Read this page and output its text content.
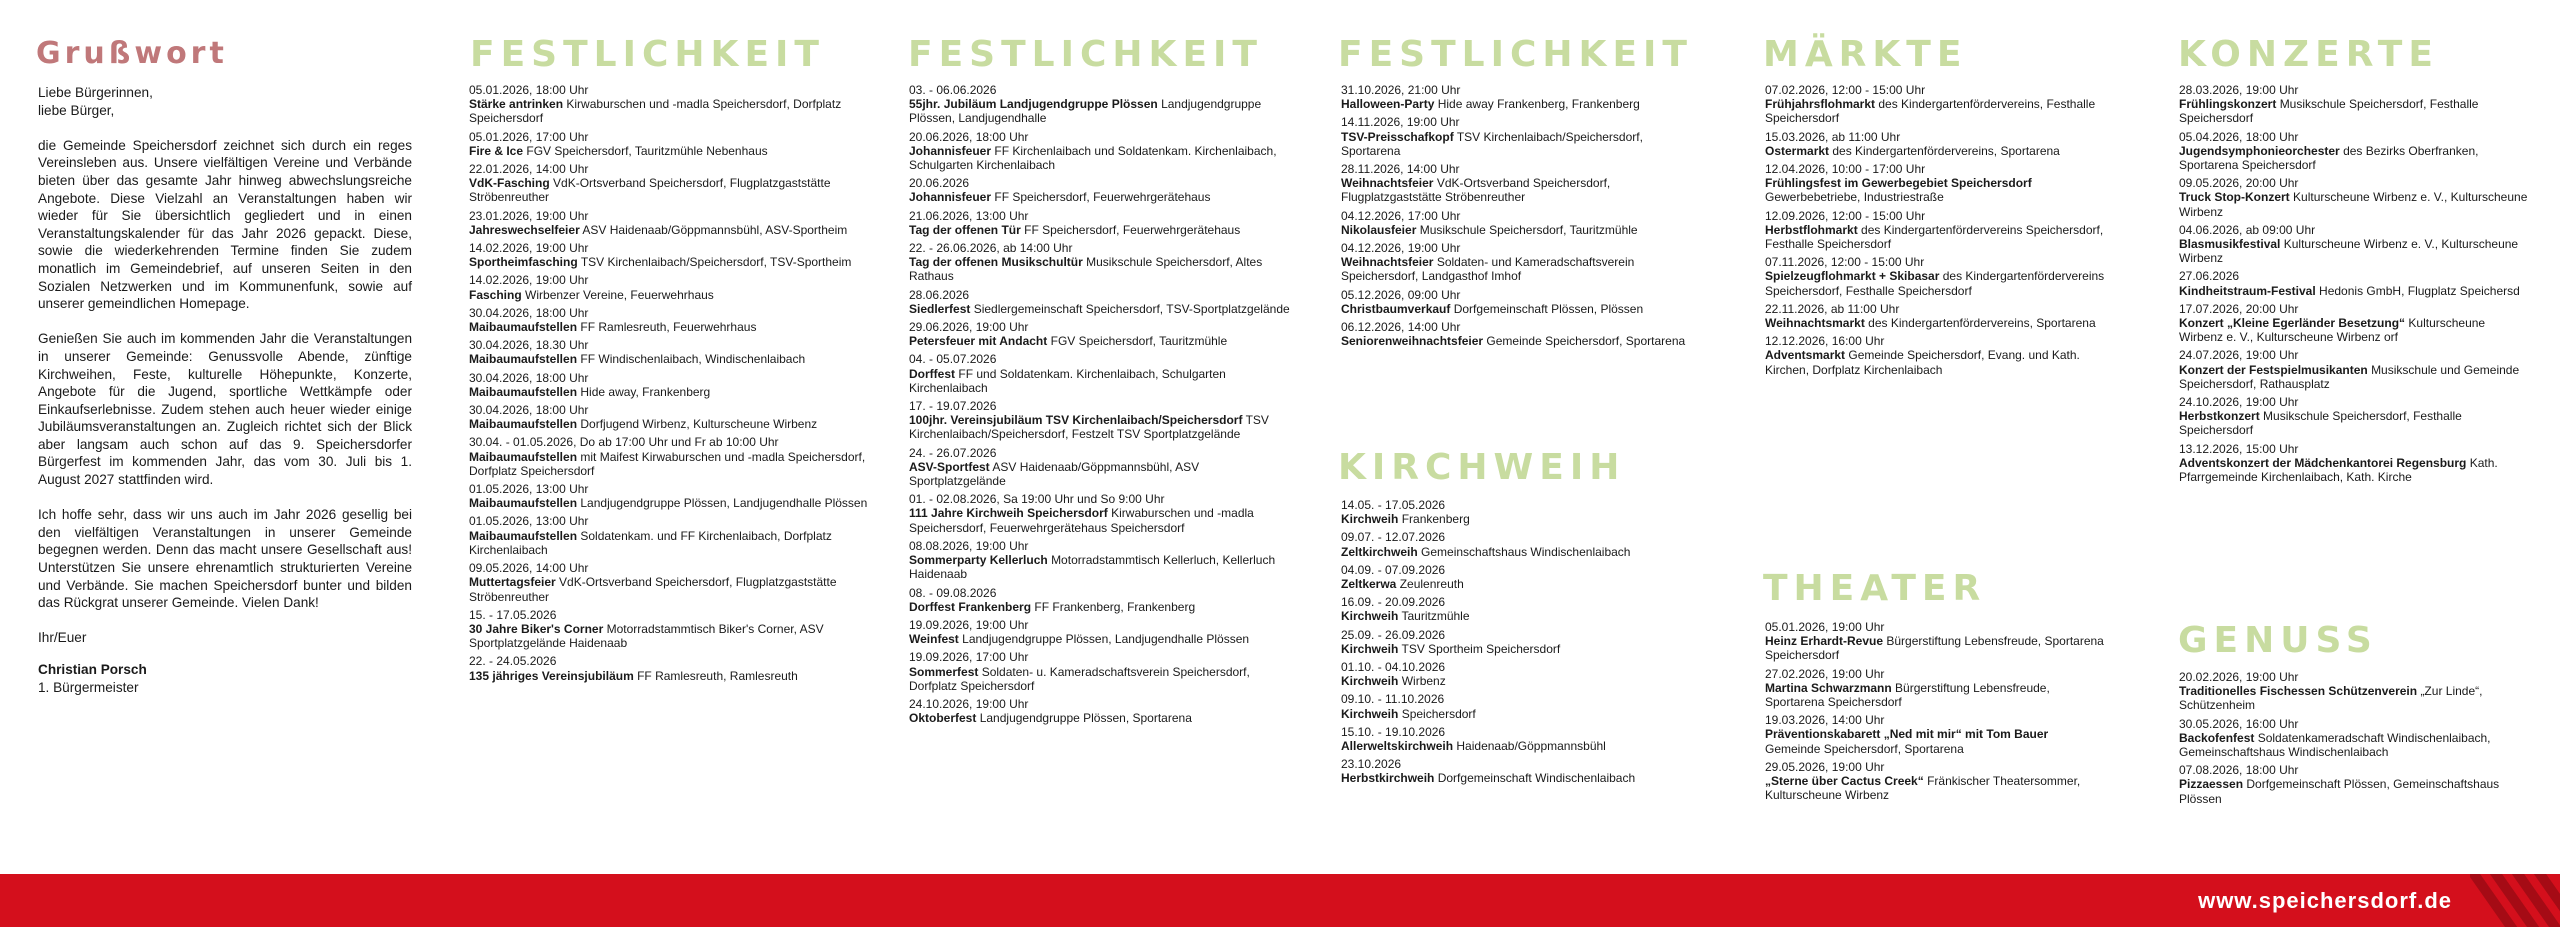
Grußwort

Liebe Bürgerinnen,

liebe Bürger,

die Gemeinde Speichersdorf zeichnet sich durch ein reges Vereinsleben aus. Unsere vielfältigen Vereine und Verbände bieten über das gesamte Jahr hinweg abwechslungsreiche Angebote. Diese Vielzahl an Veranstaltungen haben wir wieder für Sie übersichtlich gegliedert und in einen Veranstaltungskalender für das Jahr 2026 gepackt. Diese, sowie die wiederkehrenden Termine finden Sie zudem monatlich im Gemeindebrief, auf unseren Seiten in den Sozialen Netzwerken und im Kommunenfunk, sowie auf unserer gemeindlichen Homepage.

Genießen Sie auch im kommenden Jahr die Veranstaltungen in unserer Gemeinde: Genussvolle Abende, zünftige Kirchweihen, Feste, kulturelle Höhepunkte, Konzerte, Angebote für die Jugend, sportliche Wettkämpfe oder Einkaufserlebnisse. Zudem stehen auch heuer wieder einige Jubiläumsveranstaltungen an. Zugleich richtet sich der Blick aber langsam auch schon auf das 9. Speichersdorfer Bürgerfest im kommenden Jahr, das vom 30. Juli bis 1. August 2027 stattfinden wird.

Ich hoffe sehr, dass wir uns auch im Jahr 2026 gesellig bei den vielfältigen Veranstaltungen in unserer Gemeinde begegnen werden. Denn das macht unsere Gesellschaft aus! Unterstützen Sie unsere ehrenamtlich strukturierten Vereine und Verbände. Sie machen Speichersdorf bunter und bilden das Rückgrat unserer Gemeinde. Vielen Dank!

Ihr/Euer

Christian Porsch

1. Bürgermeister

FESTLICHKEIT FESTLICHKEIT FESTLICHKEIT
KIRCHWEIH
MÄRKTE
THEATER
KONZERTE
GENUSS
05.01.2026, 18:00 Uhr
Stärke antrinken Kirwaburschen und -madla Speichersdorf, Dorfplatz Speichersdorf
05.01.2026, 17:00 Uhr
Fire & Ice FGV Speichersdorf, Tauritzmühle Nebenhaus
22.01.2026, 14:00 Uhr
VdK-Fasching VdK-Ortsverband Speichersdorf, Flugplatzgaststätte Ströbenreuther
23.01.2026, 19:00 Uhr
Jahreswechselfeier ASV Haidenaab/Göppmannsbühl, ASV-Sportheim
14.02.2026, 19:00 Uhr
Sportheimfasching TSV Kirchenlaibach/Speichersdorf, TSV-Sportheim
14.02.2026, 19:00 Uhr
Fasching Wirbenzer Vereine, Feuerwehrhaus
30.04.2026, 18:00 Uhr
Maibaumaufstellen FF Ramlesreuth, Feuerwehrhaus
30.04.2026, 18.30 Uhr
Maibaumaufstellen FF Windischenlaibach, Windischenlaibach
30.04.2026, 18:00 Uhr
Maibaumaufstellen Hide away, Frankenberg
30.04.2026, 18:00 Uhr
Maibaumaufstellen Dorfjugend Wirbenz, Kulturscheune Wirbenz
30.04. - 01.05.2026, Do ab 17:00 Uhr und Fr ab 10:00 Uhr
Maibaumaufstellen mit Maifest Kirwaburschen und -madla Speichersdorf, Dorfplatz Speichersdorf
01.05.2026, 13:00 Uhr
Maibaumaufstellen Landjugendgruppe Plössen, Landjugendhalle Plössen
01.05.2026, 13:00 Uhr
Maibaumaufstellen Soldatenkam. und FF Kirchenlaibach, Dorfplatz Kirchenlaibach
09.05.2026, 14:00 Uhr
Muttertagsfeier VdK-Ortsverband Speichersdorf, Flugplatzgaststätte Ströbenreuther
15. - 17.05.2026
30 Jahre Biker's Corner Motorradstammtisch Biker's Corner, ASV Sportplatzgelände Haidenaab
22. - 24.05.2026
135 jähriges Vereinsjubiläum FF Ramlesreuth, Ramlesreuth
03. - 06.06.2026
55jhr. Jubiläum Landjugendgruppe Plössen Landjugendgruppe Plössen, Landjugendhalle
20.06.2026, 18:00 Uhr
Johannisfeuer FF Kirchenlaibach und Soldatenkam. Kirchenlaibach, Schulgarten Kirchenlaibach
20.06.2026
Johannisfeuer FF Speichersdorf, Feuerwehrgerätehaus
21.06.2026, 13:00 Uhr
Tag der offenen Tür FF Speichersdorf, Feuerwehrgerätehaus
22. - 26.06.2026, ab 14:00 Uhr
Tag der offenen Musikschultür Musikschule Speichersdorf, Altes Rathaus
28.06.2026
Siedlerfest Siedlergemeinschaft Speichersdorf, TSV-Sportplatzgelände
29.06.2026, 19:00 Uhr
Petersfeuer mit Andacht FGV Speichersdorf, Tauritzmühle
04. - 05.07.2026
Dorffest FF und Soldatenkam. Kirchenlaibach, Schulgarten Kirchenlaibach
17. - 19.07.2026
100jhr. Vereinsjubiläum TSV Kirchenlaibach/Speichersdorf TSV Kirchenlaibach/Speichersdorf, Festzelt TSV Sportplatzgelände
24. - 26.07.2026
ASV-Sportfest ASV Haidenaab/Göppmannsbühl, ASV Sportplatzgelände
01. - 02.08.2026, Sa 19:00 Uhr und So 9:00 Uhr
111 Jahre Kirchweih Speichersdorf Kirwaburschen und -madla Speichersdorf, Feuerwehrgerätehaus Speichersdorf
08.08.2026, 19:00 Uhr
Sommerparty Kellerluch Motorradstammtisch Kellerluch, Kellerluch Haidenaab
08. - 09.08.2026
Dorffest Frankenberg FF Frankenberg, Frankenberg
19.09.2026, 19:00 Uhr
Weinfest Landjugendgruppe Plössen, Landjugendhalle Plössen
19.09.2026, 17:00 Uhr
Sommerfest Soldaten- u. Kameradschaftsverein Speichersdorf, Dorfplatz Speichersdorf
24.10.2026, 19:00 Uhr
Oktoberfest Landjugendgruppe Plössen, Sportarena
31.10.2026, 21:00 Uhr
Halloween-Party Hide away Frankenberg, Frankenberg
14.11.2026, 19:00 Uhr
TSV-Preisschafkopf TSV Kirchenlaibach/Speichersdorf, Sportarena
28.11.2026, 14:00 Uhr
Weihnachtsfeier VdK-Ortsverband Speichersdorf, Flugplatzgaststätte Ströbenreuther
04.12.2026, 17:00 Uhr
Nikolausfeier Musikschule Speichersdorf, Tauritzmühle
04.12.2026, 19:00 Uhr
Weihnachtsfeier Soldaten- und Kameradschaftsverein Speichersdorf, Landgasthof Imhof
05.12.2026, 09:00 Uhr
Christbaumverkauf Dorfgemeinschaft Plössen, Plössen
06.12.2026, 14:00 Uhr
Seniorenweihnachtsfeier Gemeinde Speichersdorf, Sportarena
14.05. - 17.05.2026
Kirchweih Frankenberg
09.07. - 12.07.2026
Zeltkirchweih Gemeinschaftshaus Windischenlaibach
04.09. - 07.09.2026
Zeltkerwa Zeulenreuth
16.09. - 20.09.2026
Kirchweih Tauritzmühle
25.09. - 26.09.2026
Kirchweih TSV Sportheim Speichersdorf
01.10. - 04.10.2026
Kirchweih Wirbenz
09.10. - 11.10.2026
Kirchweih Speichersdorf
15.10. - 19.10.2026
Allerweltskirchweih Haidenaab/Göppmannsbühl
23.10.2026
Herbstkirchweih Dorfgemeinschaft Windischenlaibach
07.02.2026, 12:00 - 15:00 Uhr
Frühjahrsflohmarkt des Kindergartenfördervereins, Festhalle Speichersdorf
15.03.2026, ab 11:00 Uhr
Ostermarkt des Kindergartenfördervereins, Sportarena
12.04.2026, 10:00 - 17:00 Uhr
Frühlingsfest im Gewerbegebiet Speichersdorf Gewerbebetriebe, Industriestraße
12.09.2026, 12:00 - 15:00 Uhr
Herbstflohmarkt des Kindergartenfördervereins Speichersdorf, Festhalle Speichersdorf
07.11.2026, 12:00 - 15:00 Uhr
Spielzeugflohmarkt + Skibasar des Kindergartenfördervereins Speichersdorf, Festhalle Speichersdorf
22.11.2026, ab 11:00 Uhr
Weihnachtsmarkt des Kindergartenfördervereins, Sportarena
12.12.2026, 16:00 Uhr
Adventsmarkt Gemeinde Speichersdorf, Evang. und Kath. Kirchen, Dorfplatz Kirchenlaibach
05.01.2026, 19:00 Uhr
Heinz Erhardt-Revue Bürgerstiftung Lebensfreude, Sportarena Speichersdorf
27.02.2026, 19:00 Uhr
Martina Schwarzmann Bürgerstiftung Lebensfreude, Sportarena Speichersdorf
19.03.2026, 14:00 Uhr
Präventionskabarett „Ned mit mir“ mit Tom Bauer Gemeinde Speichersdorf, Sportarena
29.05.2026, 19:00 Uhr
„Sterne über Cactus Creek“ Fränkischer Theatersommer, Kulturscheune Wirbenz
28.03.2026, 19:00 Uhr
Frühlingskonzert Musikschule Speichersdorf, Festhalle Speichersdorf
05.04.2026, 18:00 Uhr
Jugendsymphonieorchester des Bezirks Oberfranken, Sportarena Speichersdorf
09.05.2026, 20:00 Uhr
Truck Stop-Konzert Kulturscheune Wirbenz e. V., Kulturscheune Wirbenz
04.06.2026, ab 09:00 Uhr
Blasmusikfestival Kulturscheune Wirbenz e. V., Kulturscheune Wirbenz
27.06.2026
Kindheitstraum-Festival Hedonis GmbH, Flugplatz Speichersd
17.07.2026, 20:00 Uhr
Konzert „Kleine Egerländer Besetzung“ Kulturscheune Wirbenz e. V., Kulturscheune Wirbenz orf
24.07.2026, 19:00 Uhr
Konzert der Festspielmusikanten Musikschule und Gemeinde Speichersdorf, Rathausplatz
24.10.2026, 19:00 Uhr
Herbstkonzert Musikschule Speichersdorf, Festhalle Speichersdorf
13.12.2026, 15:00 Uhr
Adventskonzert der Mädchenkantorei Regensburg Kath. Pfarrgemeinde Kirchenlaibach, Kath. Kirche
20.02.2026, 19:00 Uhr
Traditionelles Fischessen Schützenverein „Zur Linde“, Schützenheim
30.05.2026, 16:00 Uhr
Backofenfest Soldatenkameradschaft Windischenlaibach, Gemeinschaftshaus Windischenlaibach
07.08.2026, 18:00 Uhr
Pizzaessen Dorfgemeinschaft Plössen, Gemeinschaftshaus Plössen
www.speichersdorf.de
